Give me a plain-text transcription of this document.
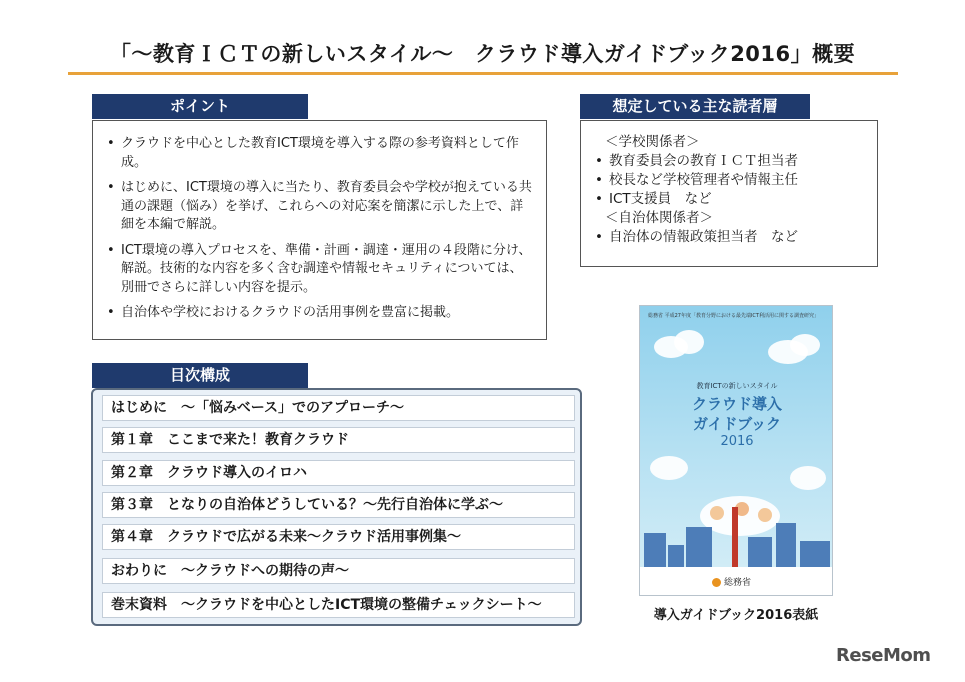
「～教育ＩＣＴの新しいスタイル～　クラウド導入ガイドブック2016」概要
ポイント
• クラウドを中心とした教育ICT環境を導入する際の参考資料として作成。
• はじめに、ICT環境の導入に当たり、教育委員会や学校が抱えている共通の課題（悩み）を挙げ、これらへの対応案を簡潔に示した上で、詳細を本編で解説。
• ICT環境の導入プロセスを、準備・計画・調達・運用の４段階に分け、解説。技術的な内容を多く含む調達や情報セキュリティについては、別冊でさらに詳しい内容を提示。
• 自治体や学校におけるクラウドの活用事例を豊富に掲載。
想定している主な読者層
＜学校関係者＞
• 教育委員会の教育ＩＣＴ担当者
• 校長など学校管理者や情報主任
• ICT支援員　など
＜自治体関係者＞
• 自治体の情報政策担当者　など
目次構成
はじめに　～「悩みベース」でのアプローチ～
第１章　ここまで来た！教育クラウド
第２章　クラウド導入のイロハ
第３章　となりの自治体どうしている？～先行自治体に学ぶ～
第４章　クラウドで広がる未来～クラウド活用事例集～
おわりに　～クラウドへの期待の声～
巻末資料　～クラウドを中心としたICT環境の整備チェックシート～
総務省 平成27年度「教育分野における最先端ICT利活用に関する調査研究」
教育ICTの新しいスタイル
クラウド導入
ガイドブック
2016
総務省
導入ガイドブック2016表紙
ReseMom
